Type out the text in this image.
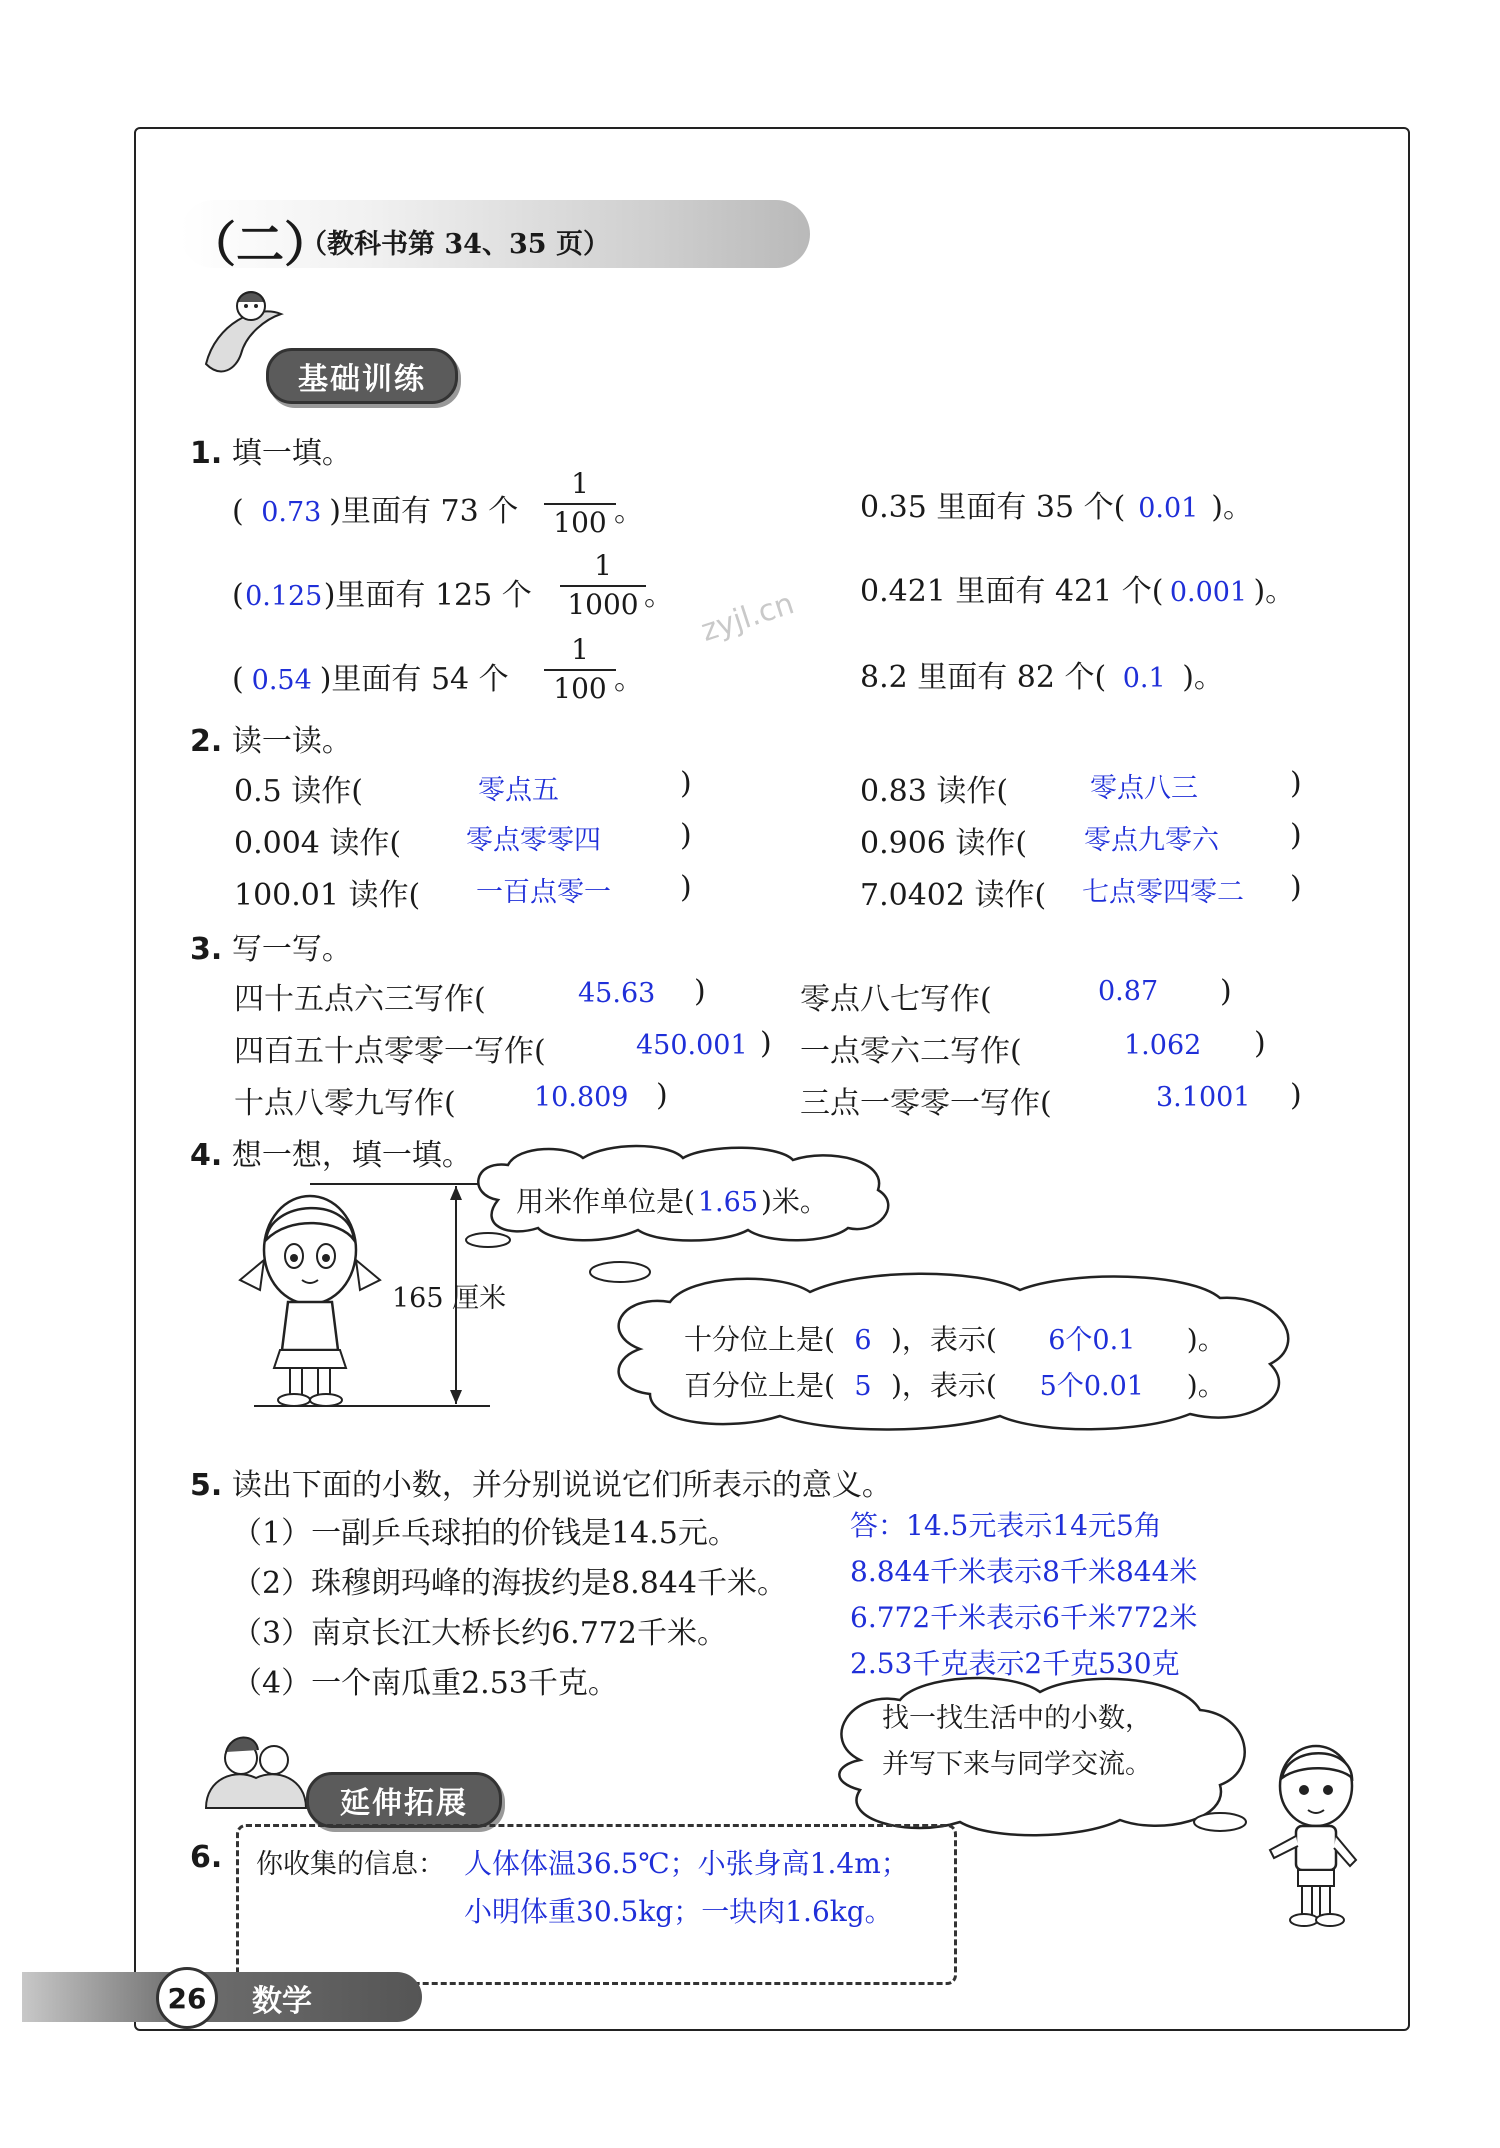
（二）
（教科书第 34、35 页）
基础训练
zyjl.cn
1. 填一填。
( 0.73 )里面有 73 个
1
100 。	0.35 里面有 35 个( 0.01 )。
(0.125)里面有 125 个
1
1000 。	0.421 里面有 421 个( 0.001 )。
( 0.54 )里面有 54 个
1
100 。	8.2 里面有 82 个( 0.1 )。
2. 读一读。
0.5 读作(	零点五	)	0.83 读作(	零点八三	)
0.004 读作( 零点零零四	)	0.906 读作( 零点九零六 )
100.01 读作( 一百点零一 )	7.0402 读作( 七点零四零二 )
3. 写一写。
四十五点六三写作(	45.63 )	零点八七写作(	0.87 )
四百五十点零零一写作(	450.001 ) 一点零六二写作(	1.062 )
十点八零九写作(	10.809 )	三点一零零一写作(	3.1001 )
4. 想一想，填一填。
165 厘米
用米作单位是( 1.65 )米。
十分位上是( 6 )，表示( 6个0.1 )。
百分位上是( 5 )，表示( 5个0.01 )。
5. 读出下面的小数，并分别说说它们所表示的意义。
（1）一副乒乓球拍的价钱是14.5元。
（2）珠穆朗玛峰的海拔约是8.844千米。
（3）南京长江大桥长约6.772千米。
（4）一个南瓜重2.53千克。
答：14.5元表示14元5角
8.844千米表示8千米844米
6.772千米表示6千米772米
2.53千克表示2千克530克
找一找生活中的小数，
并写下来与同学交流。
延伸拓展
6. 你收集的信息： 人体体温36.5℃；小张身高1.4m；
小明体重30.5kg；一块肉1.6kg。
26	数学
